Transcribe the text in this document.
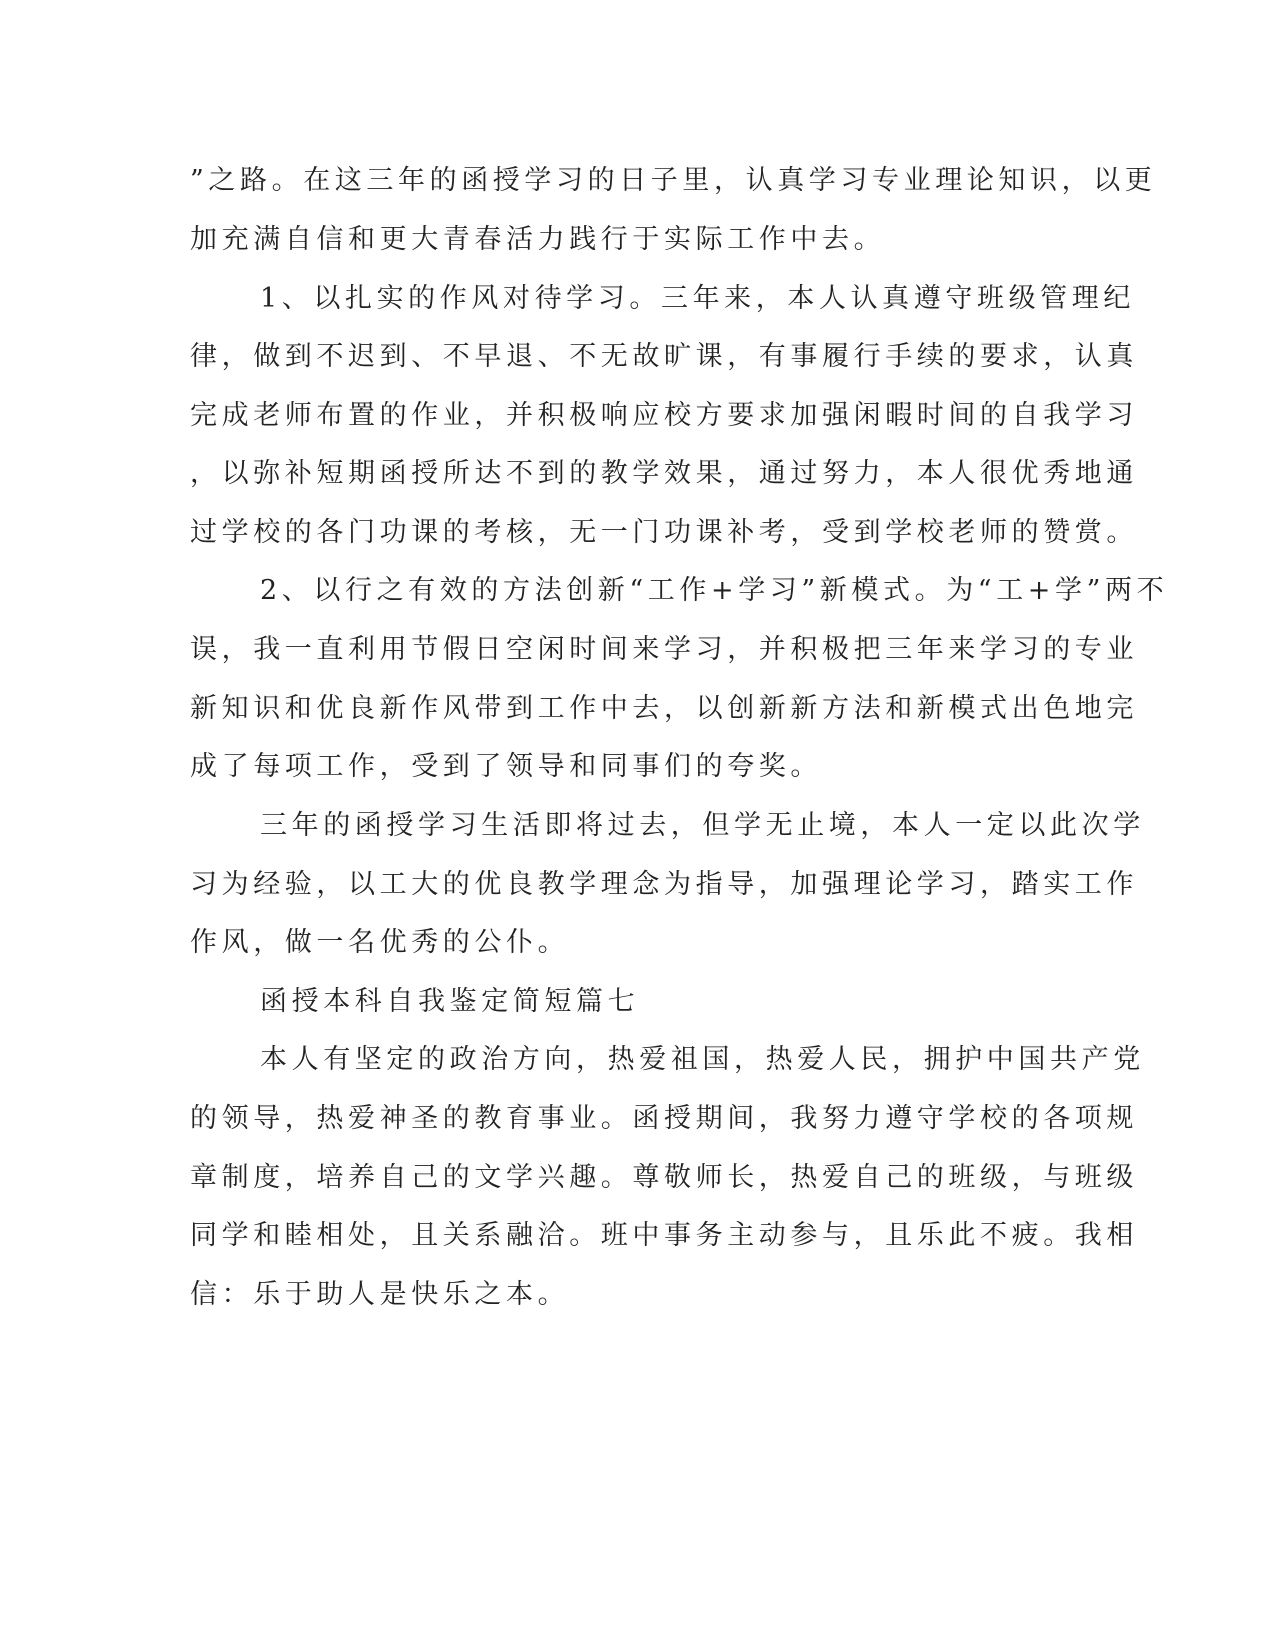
”之路。在这三年的函授学习的日子里，认真学习专业理论知识，以更
加充满自信和更大青春活力践行于实际工作中去。
1、以扎实的作风对待学习。三年来，本人认真遵守班级管理纪
律，做到不迟到、不早退、不无故旷课，有事履行手续的要求，认真
完成老师布置的作业，并积极响应校方要求加强闲暇时间的自我学习
，以弥补短期函授所达不到的教学效果，通过努力，本人很优秀地通
过学校的各门功课的考核，无一门功课补考，受到学校老师的赞赏。
2、以行之有效的方法创新“工作+学习”新模式。为“工+学”两不
误，我一直利用节假日空闲时间来学习，并积极把三年来学习的专业
新知识和优良新作风带到工作中去，以创新新方法和新模式出色地完
成了每项工作，受到了领导和同事们的夸奖。
三年的函授学习生活即将过去，但学无止境，本人一定以此次学
习为经验，以工大的优良教学理念为指导，加强理论学习，踏实工作
作风，做一名优秀的公仆。
函授本科自我鉴定简短篇七
本人有坚定的政治方向，热爱祖国，热爱人民，拥护中国共产党
的领导，热爱神圣的教育事业。函授期间，我努力遵守学校的各项规
章制度，培养自己的文学兴趣。尊敬师长，热爱自己的班级，与班级
同学和睦相处，且关系融洽。班中事务主动参与，且乐此不疲。我相
信：乐于助人是快乐之本。
